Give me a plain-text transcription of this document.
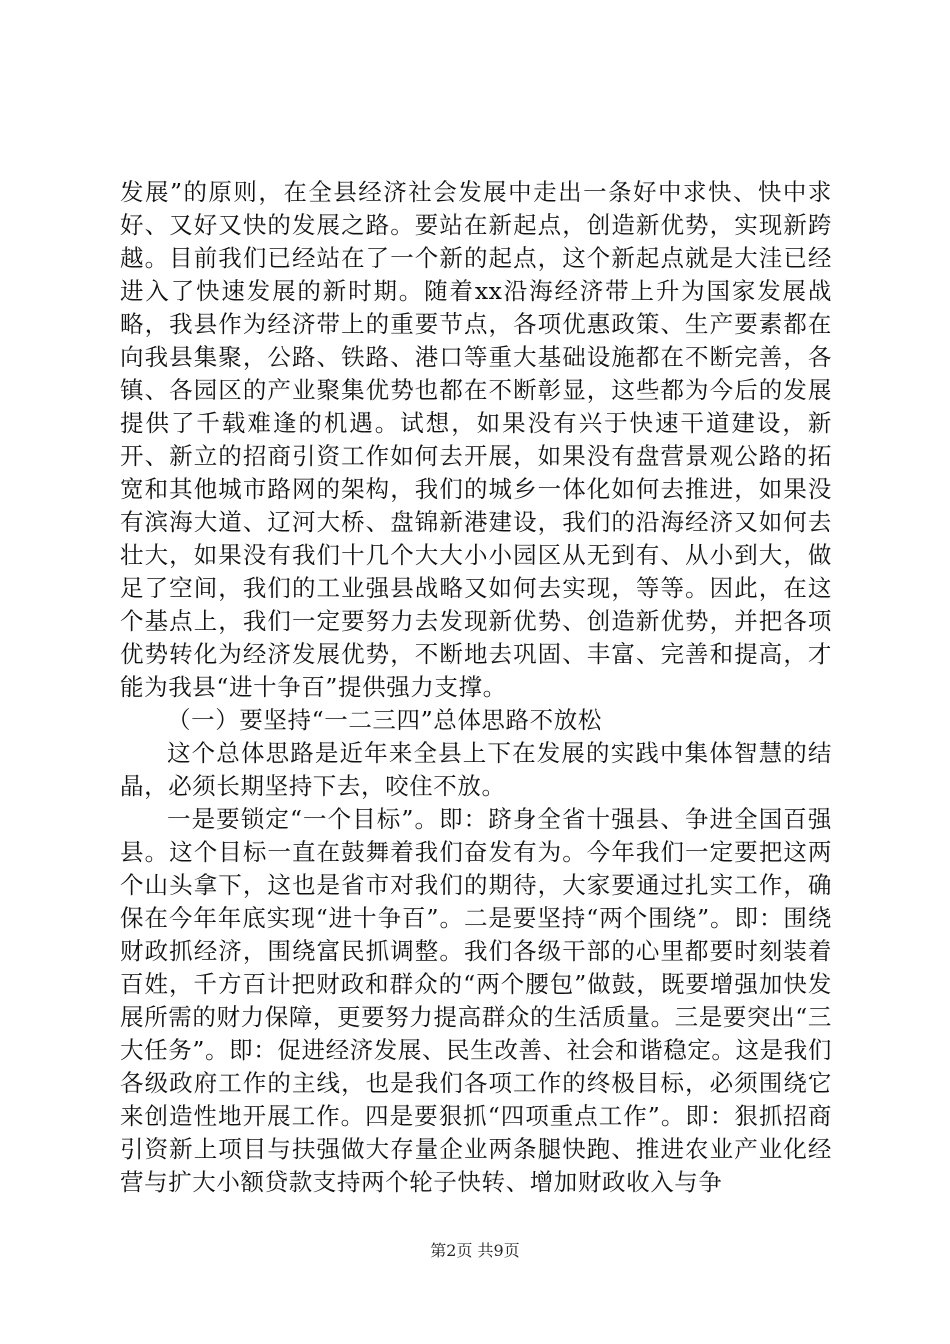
发展”的原则，在全县经济社会发展中走出一条好中求快、快中求好、又好又快的发展之路。要站在新起点，创造新优势，实现新跨越。目前我们已经站在了一个新的起点，这个新起点就是大洼已经进入了快速发展的新时期。随着xx沿海经济带上升为国家发展战略，我县作为经济带上的重要节点，各项优惠政策、生产要素都在向我县集聚，公路、铁路、港口等重大基础设施都在不断完善，各镇、各园区的产业聚集优势也都在不断彰显，这些都为今后的发展提供了千载难逢的机遇。试想，如果没有兴于快速干道建设，新开、新立的招商引资工作如何去开展，如果没有盘营景观公路的拓宽和其他城市路网的架构，我们的城乡一体化如何去推进，如果没有滨海大道、辽河大桥、盘锦新港建设，我们的沿海经济又如何去壮大，如果没有我们十几个大大小小园区从无到有、从小到大，做足了空间，我们的工业强县战略又如何去实现，等等。因此，在这个基点上，我们一定要努力去发现新优势、创造新优势，并把各项优势转化为经济发展优势，不断地去巩固、丰富、完善和提高，才能为我县“进十争百”提供强力支撑。

（一）要坚持“一二三四”总体思路不放松

这个总体思路是近年来全县上下在发展的实践中集体智慧的结晶，必须长期坚持下去，咬住不放。

一是要锁定“一个目标”。即：跻身全省十强县、争进全国百强县。这个目标一直在鼓舞着我们奋发有为。今年我们一定要把这两个山头拿下，这也是省市对我们的期待，大家要通过扎实工作，确保在今年年底实现“进十争百”。二是要坚持“两个围绕”。即：围绕财政抓经济，围绕富民抓调整。我们各级干部的心里都要时刻装着百姓，千方百计把财政和群众的“两个腰包”做鼓，既要增强加快发展所需的财力保障，更要努力提高群众的生活质量。三是要突出“三大任务”。即：促进经济发展、民生改善、社会和谐稳定。这是我们各级政府工作的主线，也是我们各项工作的终极目标，必须围绕它来创造性地开展工作。四是要狠抓“四项重点工作”。即：狠抓招商引资新上项目与扶强做大存量企业两条腿快跑、推进农业产业化经营与扩大小额贷款支持两个轮子快转、增加财政收入与争

第2页 共9页
